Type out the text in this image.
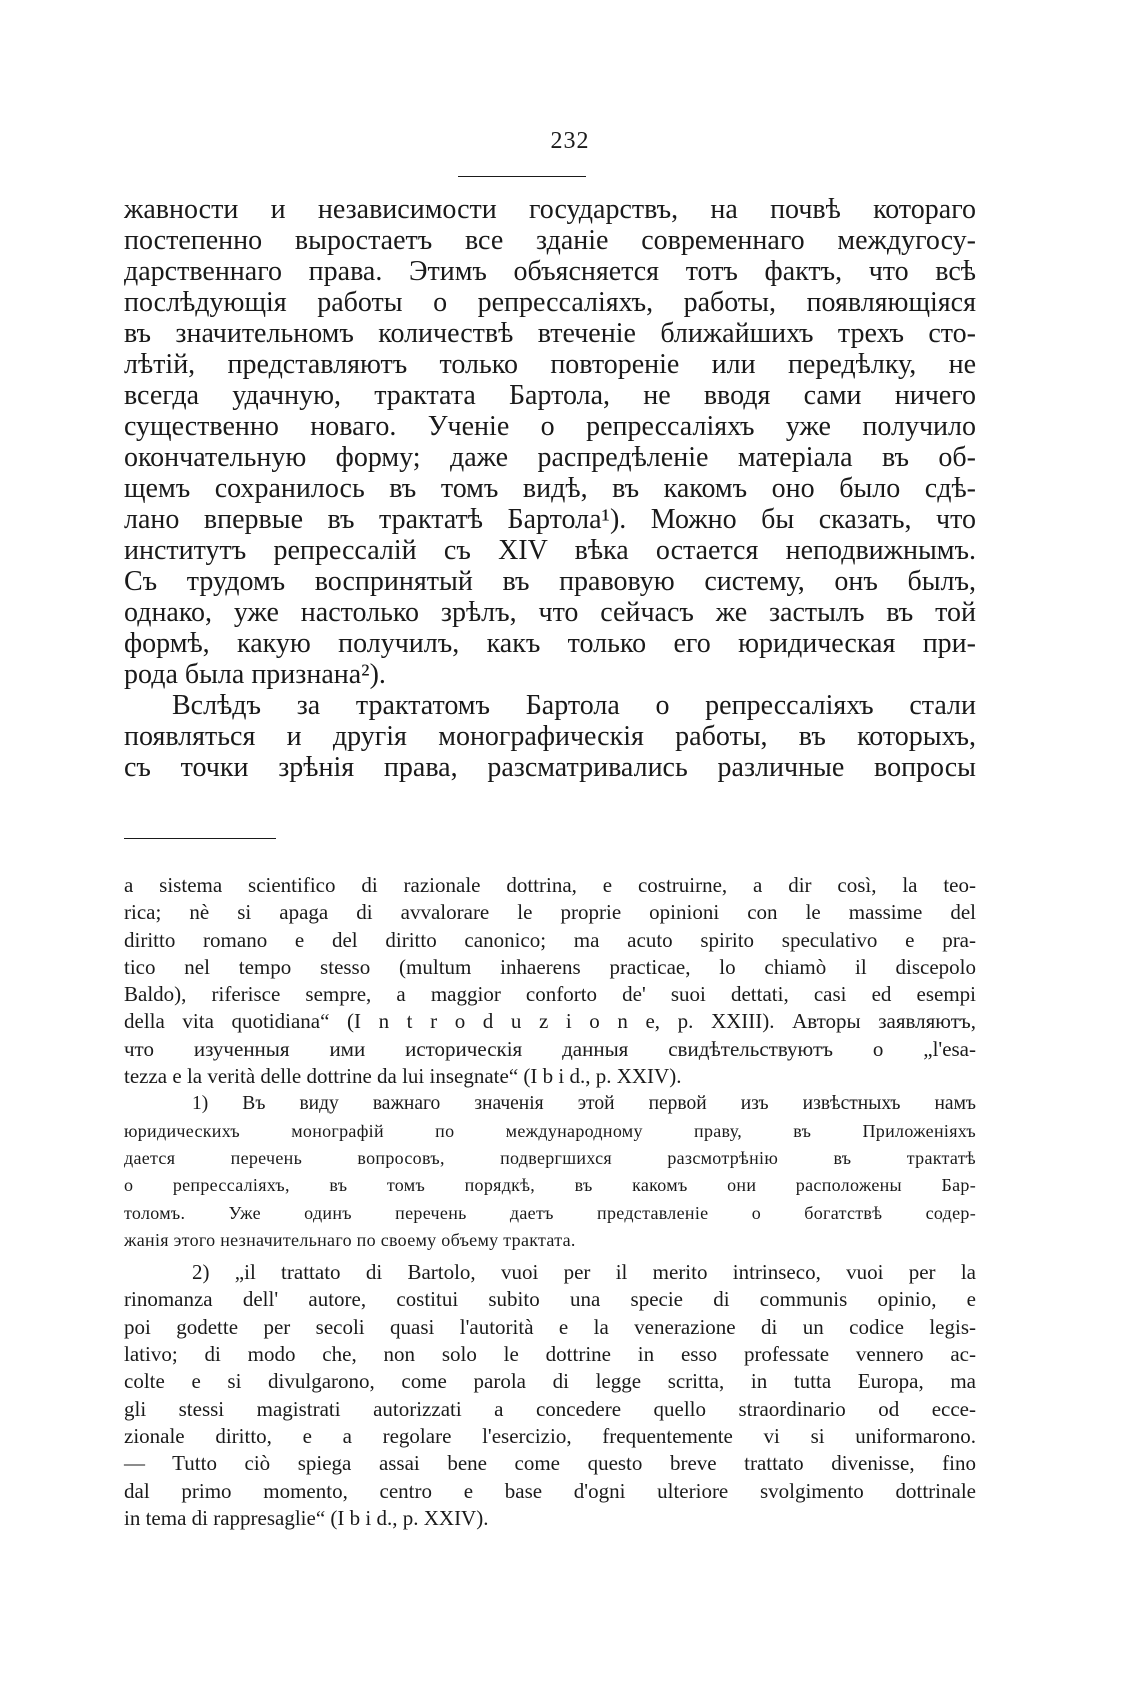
232
жавности и независимости государствъ, на почвѣ котораго
постепенно выростаетъ все зданіе современнаго междугосу-
дарственнаго права. Этимъ объясняется тотъ фактъ, что всѣ
послѣдующія работы о репрессаліяхъ, работы, появляющіяся
въ значительномъ количествѣ втеченіе ближайшихъ трехъ сто-
лѣтій, представляютъ только повтореніе или передѣлку, не
всегда удачную, трактата Бартола, не вводя сами ничего
существенно новаго. Ученіе о репрессаліяхъ уже получило
окончательную форму; даже распредѣленіе матеріала въ об-
щемъ сохранилось въ томъ видѣ, въ какомъ оно было сдѣ-
лано впервые въ трактатѣ Бартола¹). Можно бы сказать, что
институтъ репрессалій съ XIV вѣка остается неподвижнымъ.
Съ трудомъ воспринятый въ правовую систему, онъ былъ,
однако, уже настолько зрѣлъ, что сейчасъ же застылъ въ той
формѣ, какую получилъ, какъ только его юридическая при-
рода была признана²).
Вслѣдъ за трактатомъ Бартола о репрессаліяхъ стали
появляться и другія монографическія работы, въ которыхъ,
съ точки зрѣнія права, разсматривались различные вопросы
a sistema scientifico di razionale dottrina, e costruirne, a dir così, la teo-
rica; nè si apaga di avvalorare le proprie opinioni con le massime del
diritto romano e del diritto canonico; ma acuto spirito speculativo e pra-
tico nel tempo stesso (multum inhaerens practicae, lo chiamò il discepolo
Baldo), riferisce sempre, a maggior conforto de' suoi dettati, casi ed esempi
della vita quotidiana“ (I n t r o d u z i o n e, p. XXIII). Авторы заявляютъ,
что изученныя ими историческія данныя свидѣтельствуютъ о „l'esa-
tezza e la verità delle dottrine da lui insegnate“ (I b i d., p. XXIV).
1) Въ виду важнаго значенія этой первой изъ извѣстныхъ намъ
юридическихъ монографій по международному праву, въ Приложеніяхъ
дается перечень вопросовъ, подвергшихся разсмотрѣнію въ трактатѣ
о репрессаліяхъ, въ томъ порядкѣ, въ какомъ они расположены Бар-
толомъ. Уже одинъ перечень даетъ представленіе о богатствѣ содер-
жанія этого незначительнаго по своему объему трактата.
2) „il trattato di Bartolo, vuoi per il merito intrinseco, vuoi per la
rinomanza dell' autore, costitui subito una specie di communis opinio, e
poi godette per secoli quasi l'autorità e la venerazione di un codice legis-
lativo; di modo che, non solo le dottrine in esso professate vennero ac-
colte e si divulgarono, come parola di legge scritta, in tutta Europa, ma
gli stessi magistrati autorizzati a concedere quello straordinario od ecce-
zionale diritto, e a regolare l'esercizio, frequentemente vi si uniformarono.
— Tutto ciò spiega assai bene come questo breve trattato divenisse, fino
dal primo momento, centro e base d'ogni ulteriore svolgimento dottrinale
in tema di rappresaglie“ (I b i d., p. XXIV).
